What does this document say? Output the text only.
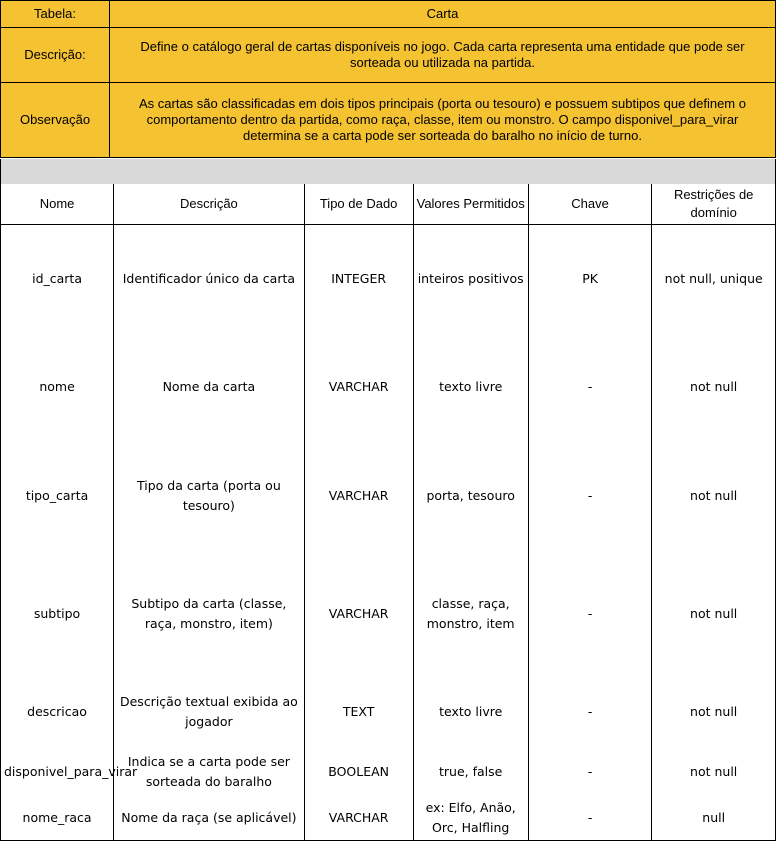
Tabela:	Carta
Descrição:	Define o catálogo geral de cartas disponíveis no jogo. Cada carta representa uma entidade que pode ser sorteada ou utilizada na partida.
Observação	As cartas são classificadas em dois tipos principais (porta ou tesouro) e possuem subtipos que definem o comportamento dentro da partida, como raça, classe, item ou monstro. O campo disponivel_para_virar determina se a carta pode ser sorteada do baralho no início de turno.
Nome	Descrição	Tipo de Dado	Valores Permitidos	Chave	Restrições de domínio
id_carta	Identificador único da carta	INTEGER	inteiros positivos	PK	not null, unique
nome	Nome da carta	VARCHAR	texto livre	-	not null
tipo_carta	Tipo da carta (porta ou tesouro)	VARCHAR	porta, tesouro	-	not null
subtipo	Subtipo da carta (classe, raça, monstro, item)	VARCHAR	classe, raça, monstro, item	-	not null
descricao	Descrição textual exibida ao jogador	TEXT	texto livre	-	not null
disponivel_para_virar	Indica se a carta pode ser sorteada do baralho	BOOLEAN	true, false	-	not null
nome_raca	Nome da raça (se aplicável)	VARCHAR	ex: Elfo, Anão, Orc, Halfling	-	null
